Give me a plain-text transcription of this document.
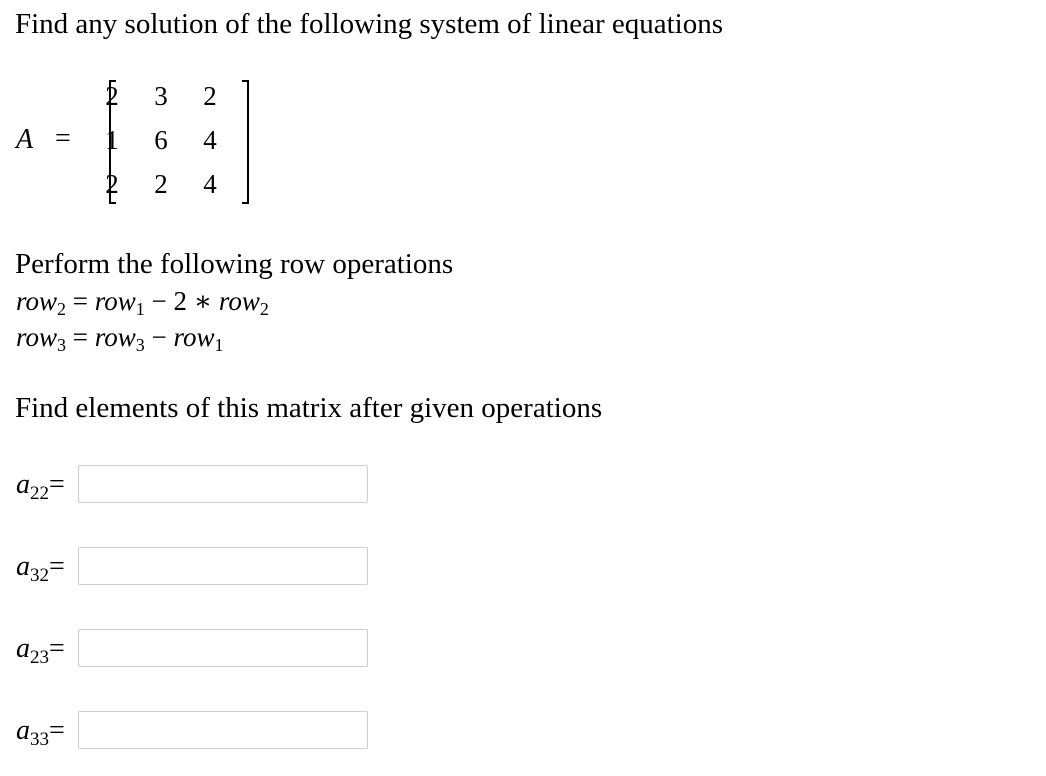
Find any solution of the following system of linear equations
A =
2 3 2
1 6 4
2 2 4
Perform the following row operations
row$_2$ = row$_1$ − 2 ∗ row$_2$
row$_3$ = row$_3$ − row$_1$
Find elements of this matrix after given operations
$a_{22}=$
$a_{32}=$
$a_{23}=$
$a_{33}=$
